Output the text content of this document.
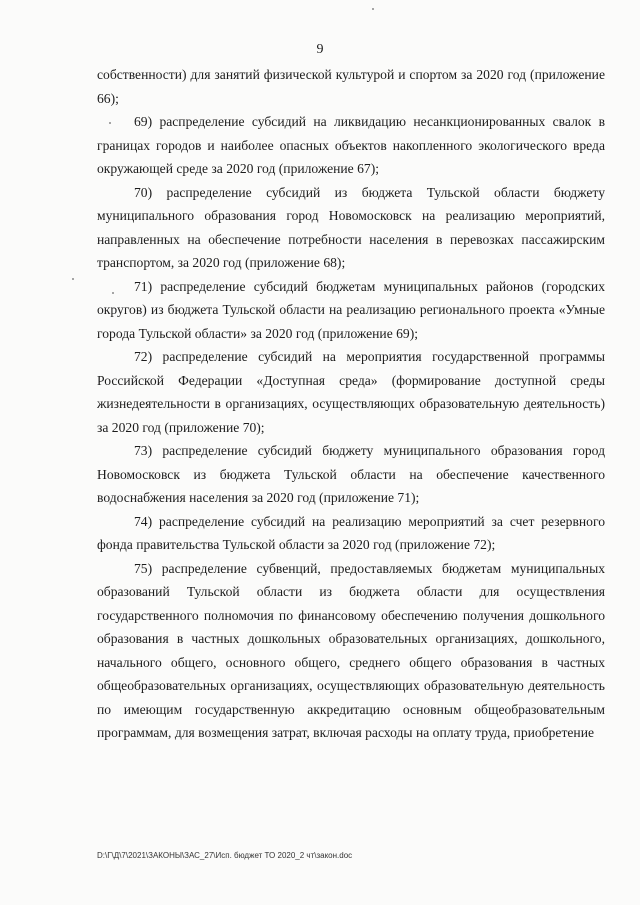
9

собственности) для занятий физической культурой и спортом за 2020 год (приложение 66);

69) распределение субсидий на ликвидацию несанкционированных свалок в границах городов и наиболее опасных объектов накопленного экологического вреда окружающей среде за 2020 год (приложение 67);

70) распределение субсидий из бюджета Тульской области бюджету муниципального образования город Новомосковск на реализацию мероприятий, направленных на обеспечение потребности населения в перевозках пассажирским транспортом, за 2020 год (приложение 68);

71) распределение субсидий бюджетам муниципальных районов (городских округов) из бюджета Тульской области на реализацию регионального проекта «Умные города Тульской области» за 2020 год (приложение 69);

72) распределение субсидий на мероприятия государственной программы Российской Федерации «Доступная среда» (формирование доступной среды жизнедеятельности в организациях, осуществляющих образовательную деятельность) за 2020 год (приложение 70);

73) распределение субсидий бюджету муниципального образования город Новомосковск из бюджета Тульской области на обеспечение качественного водоснабжения населения за 2020 год (приложение 71);

74) распределение субсидий на реализацию мероприятий за счет резервного фонда правительства Тульской области за 2020 год (приложение 72);

75) распределение субвенций, предоставляемых бюджетам муниципальных образований Тульской области из бюджета области для осуществления государственного полномочия по финансовому обеспечению получения дошкольного образования в частных дошкольных образовательных организациях, дошкольного, начального общего, основного общего, среднего общего образования в частных общеобразовательных организациях, осуществляющих образовательную деятельность по имеющим государственную аккредитацию основным общеобразовательным программам, для возмещения затрат, включая расходы на оплату труда, приобретение

D:\Г\Д\7\2021\ЗАКОНЫ\ЗАС_27\Исп. бюджет ТО 2020_2 чт\закон.doc
